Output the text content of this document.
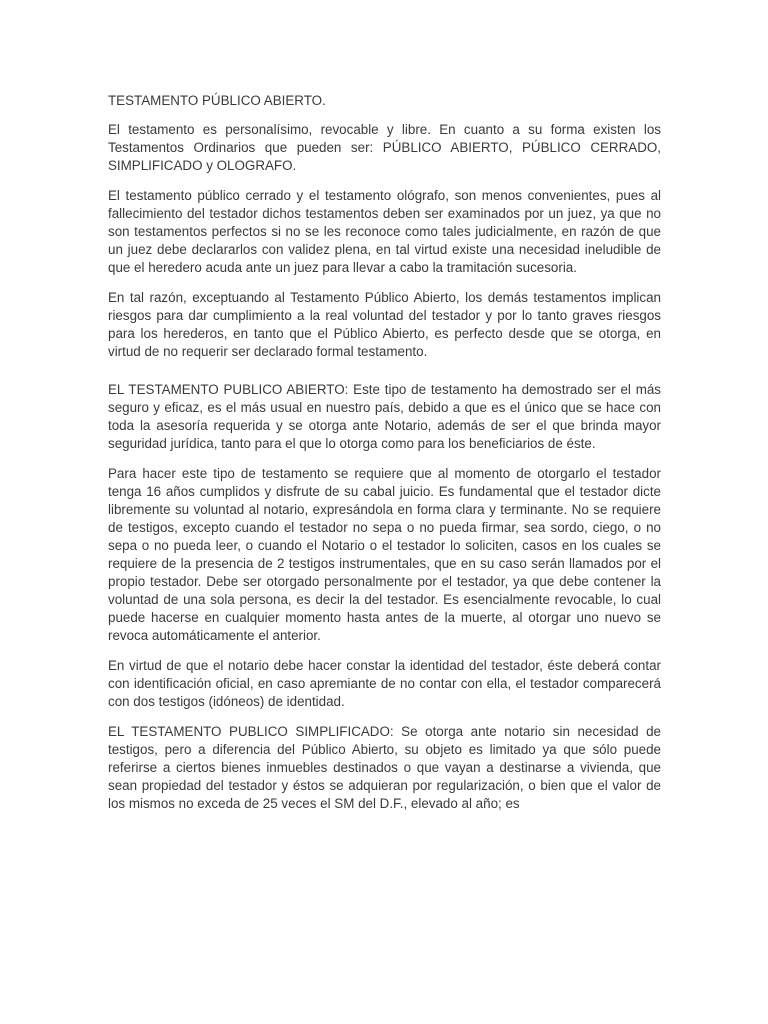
TESTAMENTO PÚBLICO ABIERTO.

El testamento es personalísimo, revocable y libre. En cuanto a su forma existen los Testamentos Ordinarios que pueden ser: PÚBLICO ABIERTO, PÚBLICO CERRADO, SIMPLIFICADO y OLOGRAFO.

El testamento público cerrado y el testamento ológrafo, son menos convenientes, pues al fallecimiento del testador dichos testamentos deben ser examinados por un juez, ya que no son testamentos perfectos si no se les reconoce como tales judicialmente, en razón de que un juez debe declararlos con validez plena, en tal virtud existe una necesidad ineludible de que el heredero acuda ante un juez para llevar a cabo la tramitación sucesoria.

En tal razón, exceptuando al Testamento Público Abierto, los demás testamentos implican riesgos para dar cumplimiento a la real voluntad del testador y por lo tanto graves riesgos para los herederos, en tanto que el Público Abierto, es perfecto desde que se otorga, en virtud de no requerir ser declarado formal testamento.

EL TESTAMENTO PUBLICO ABIERTO: Este tipo de testamento ha demostrado ser el más seguro y eficaz, es el más usual en nuestro país, debido a que es el único que se hace con toda la asesoría requerida y se otorga ante Notario, además de ser el que brinda mayor seguridad jurídica, tanto para el que lo otorga como para los beneficiarios de éste.

Para hacer este tipo de testamento se requiere que al momento de otorgarlo el testador tenga 16 años cumplidos y disfrute de su cabal juicio. Es fundamental que el testador dicte libremente su voluntad al notario, expresándola en forma clara y terminante. No se requiere de testigos, excepto cuando el testador no sepa o no pueda firmar, sea sordo, ciego, o no sepa o no pueda leer, o cuando el Notario o el testador lo soliciten, casos en los cuales se requiere de la presencia de 2 testigos instrumentales, que en su caso serán llamados por el propio testador. Debe ser otorgado personalmente por el testador, ya que debe contener la voluntad de una sola persona, es decir la del testador. Es esencialmente revocable, lo cual puede hacerse en cualquier momento hasta antes de la muerte, al otorgar uno nuevo se revoca automáticamente el anterior.

En virtud de que el notario debe hacer constar la identidad del testador, éste deberá contar con identificación oficial, en caso apremiante de no contar con ella, el testador comparecerá con dos testigos (idóneos) de identidad.

EL TESTAMENTO PUBLICO SIMPLIFICADO: Se otorga ante notario sin necesidad de testigos, pero a diferencia del Público Abierto, su objeto es limitado ya que sólo puede referirse a ciertos bienes inmuebles destinados o que vayan a destinarse a vivienda, que sean propiedad del testador y éstos se adquieran por regularización, o bien que el valor de los mismos no exceda de 25 veces el SM del D.F., elevado al año; es
